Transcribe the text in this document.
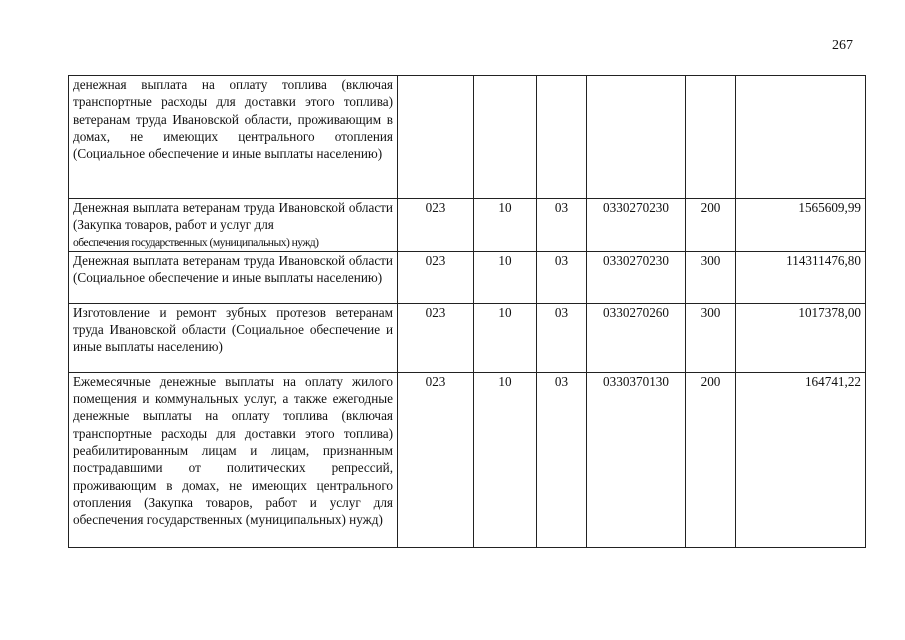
267
денежная выплата на оплату топлива (включая транспортные расходы для доставки этого топлива) ветеранам труда Ивановской области, проживающим в домах, не имеющих центрального отопления (Социальное обеспечение и иные выплаты населению)						

Денежная выплата ветеранам труда Ивановской области (Закупка товаров, работ и услуг для
обеспечения государственных (муниципальных) нужд)	023	10	03	0330270230	200	1565609,99
Денежная выплата ветеранам труда Ивановской области (Социальное обеспечение и иные выплаты населению)	023	10	03	0330270230	300	114311476,80
Изготовление и ремонт зубных протезов ветеранам труда Ивановской области (Социальное обеспечение и иные выплаты населению)	023	10	03	0330270260	300	1017378,00
Ежемесячные денежные выплаты на оплату жилого помещения и коммунальных услуг, а также ежегодные денежные выплаты на оплату топлива (включая транспортные расходы для доставки этого топлива) реабилитированным лицам и лицам, признанным пострадавшими от политических репрессий, проживающим в домах, не имеющих центрального отопления (Закупка товаров, работ и услуг для обеспечения государственных (муниципальных) нужд)	023	10	03	0330370130	200	164741,22
